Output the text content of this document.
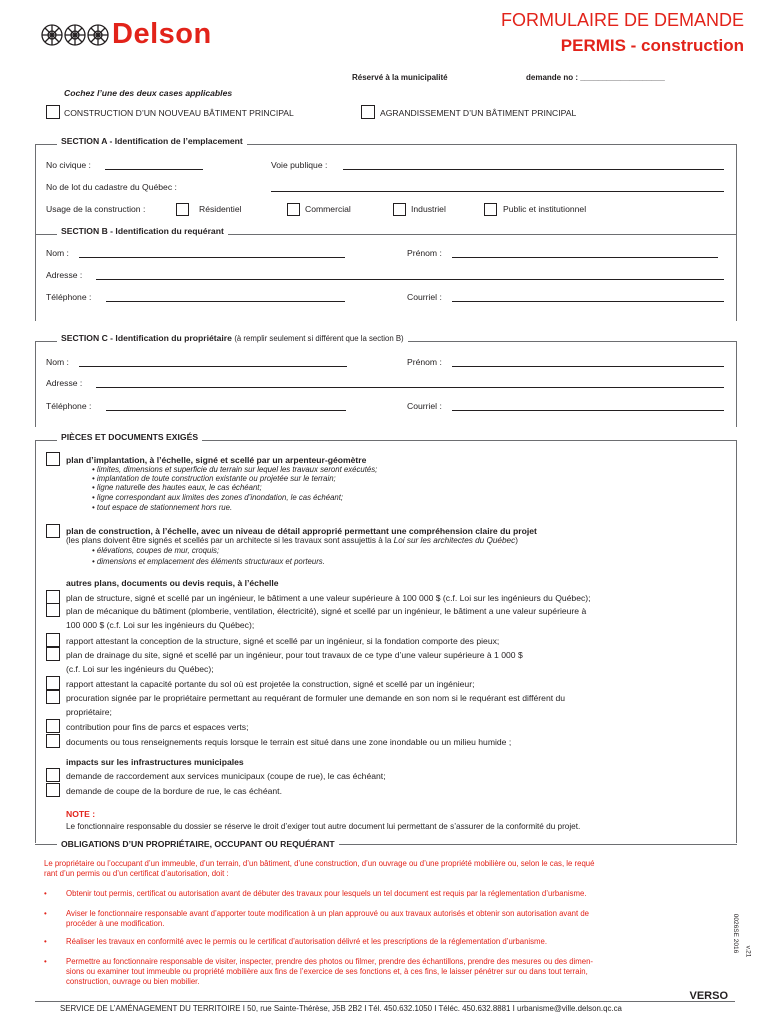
Delson	FORMULAIRE DE DEMANDE
PERMIS - construction
Réservé à la municipalité	demande no : ___________________
Cochez l’une des deux cases applicables
CONSTRUCTION D’UN NOUVEAU BÂTIMENT PRINCIPAL	AGRANDISSEMENT D’UN BÂTIMENT PRINCIPAL
SECTION A - Identification de l’emplacement
No civique :	Voie publique :
No de lot du cadastre du Québec :
Usage de la construction :	Résidentiel	Commercial	Industriel	Public et institutionnel
SECTION B - Identification du requérant
Nom :	Prénom :
Adresse :
Téléphone :	Courriel :
SECTION C - Identification du propriétaire (à remplir seulement si différent que la section B)
Nom :	Prénom :
Adresse :
Téléphone :	Courriel :
PIÈCES ET DOCUMENTS EXIGÉS
plan d’implantation, à l’échelle, signé et scellé par un arpenteur-géomètre
• limites, dimensions et superficie du terrain sur lequel les travaux seront exécutés;
• implantation de toute construction existante ou projetée sur le terrain;
• ligne naturelle des hautes eaux, le cas échéant;
• ligne correspondant aux limites des zones d’inondation, le cas échéant;
• tout espace de stationnement hors rue.
plan de construction, à l’échelle, avec un niveau de détail approprié permettant une compréhension claire du projet
(les plans doivent être signés et scellés par un architecte si les travaux sont assujettis à la Loi sur les architectes du Québec)
• élévations, coupes de mur, croquis;
• dimensions et emplacement des éléments structuraux et porteurs.
autres plans, documents ou devis requis, à l’échelle
plan de structure, signé et scellé par un ingénieur, le bâtiment a une valeur supérieure à 100 000 $ (c.f. Loi sur les ingénieurs du Québec);
plan de mécanique du bâtiment (plomberie, ventilation, électricité), signé et scellé par un ingénieur, le bâtiment a une valeur supérieure à
100 000 $ (c.f. Loi sur les ingénieurs du Québec);
rapport attestant la conception de la structure, signé et scellé par un ingénieur, si la fondation comporte des pieux;
plan de drainage du site, signé et scellé par un ingénieur, pour tout travaux de ce type d’une valeur supérieure à 1 000 $
(c.f. Loi sur les ingénieurs du Québec);
rapport attestant la capacité portante du sol où est projetée la construction, signé et scellé par un ingénieur;
procuration signée par le propriétaire permettant au requérant de formuler une demande en son nom si le requérant est différent du
propriétaire;
contribution pour fins de parcs et espaces verts;
documents ou tous renseignements requis lorsque le terrain est situé dans une zone inondable ou un milieu humide ;
impacts sur les infrastructures municipales
demande de raccordement aux services municipaux (coupe de rue), le cas échéant;
demande de coupe de la bordure de rue, le cas échéant.
NOTE :
Le fonctionnaire responsable du dossier se réserve le droit d’exiger tout autre document lui permettant de s’assurer de la conformité du projet.
OBLIGATIONS D’UN PROPRIÉTAIRE, OCCUPANT OU REQUÉRANT
Le propriétaire ou l’occupant d’un immeuble, d’un terrain, d’un bâtiment, d’une construction, d’un ouvrage ou d’une propriété mobilière ou, selon le cas, le requé
rant d’un permis ou d’un certificat d’autorisation, doit :
• Obtenir tout permis, certificat ou autorisation avant de débuter des travaux pour lesquels un tel document est requis par la réglementation d’urbanisme.
• Aviser le fonctionnaire responsable avant d’apporter toute modification à un plan approuvé ou aux travaux autorisés et obtenir son autorisation avant de
procéder à une modification.
• Réaliser les travaux en conformité avec le permis ou le certificat d’autorisation délivré et les prescriptions de la réglementation d’urbanisme.
• Permettre au fonctionnaire responsable de visiter, inspecter, prendre des photos ou filmer, prendre des échantillons, prendre des mesures ou des dimen-
sions ou examiner tout immeuble ou propriété mobilière aux fins de l’exercice de ses fonctions et, à ces fins, le laisser pénétrer sur ou dans tout terrain,
construction, ouvrage ou bien mobilier.
0026SE 2016 v.21
VERSO
SERVICE DE L’AMÉNAGEMENT DU TERRITOIRE I 50, rue Sainte-Thérèse, J5B 2B2 I Tél. 450.632.1050 I Téléc. 450.632.8881 I urbanisme@ville.delson.qc.ca
